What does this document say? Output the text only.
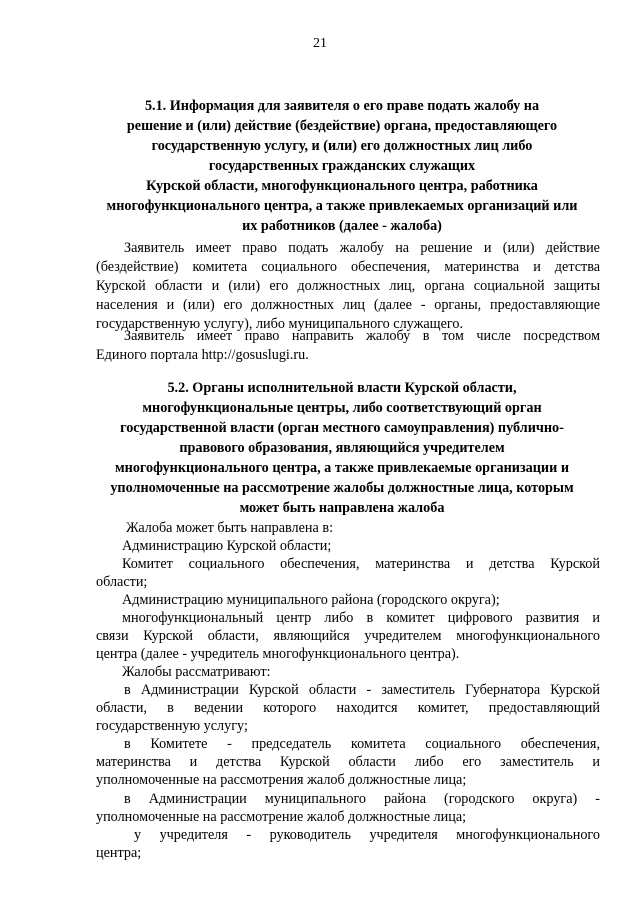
21
5.1. Информация для заявителя о его праве подать жалобу на
решение и (или) действие (бездействие) органа, предоставляющего
государственную услугу, и (или) его должностных лиц либо
государственных гражданских служащих
Курской области, многофункционального центра, работника
многофункционального центра, а также привлекаемых организаций или
их работников (далее - жалоба)
Заявитель имеет право подать жалобу на решение и (или) действие
(бездействие) комитета социального обеспечения, материнства и детства
Курской области и (или) его должностных лиц, органа социальной защиты
населения и (или) его должностных лиц (далее - органы, предоставляющие
государственную услугу), либо муниципального служащего.
Заявитель имеет право направить жалобу в том числе посредством
Единого портала http://gosuslugi.ru.
5.2. Органы исполнительной власти Курской области,
многофункциональные центры, либо соответствующий орган
государственной власти (орган местного самоуправления) публично-
правового образования, являющийся учредителем
многофункционального центра, а также привлекаемые организации и
уполномоченные на рассмотрение жалобы должностные лица, которым
может быть направлена жалоба
Жалоба может быть направлена в:
Администрацию Курской области;
Комитет социального обеспечения, материнства и детства Курской
области;
Администрацию муниципального района (городского округа);
многофункциональный центр либо в комитет цифрового развития и
связи Курской области, являющийся учредителем многофункционального
центра (далее - учредитель многофункционального центра).
Жалобы рассматривают:
в Администрации Курской области - заместитель Губернатора Курской
области, в ведении которого находится комитет, предоставляющий
государственную услугу;
в Комитете - председатель комитета социального обеспечения,
материнства и детства Курской области либо его заместитель и
уполномоченные на рассмотрения жалоб должностные лица;
в Администрации муниципального района (городского округа) -
уполномоченные на рассмотрение жалоб должностные лица;
у учредителя - руководитель учредителя многофункционального
центра;
